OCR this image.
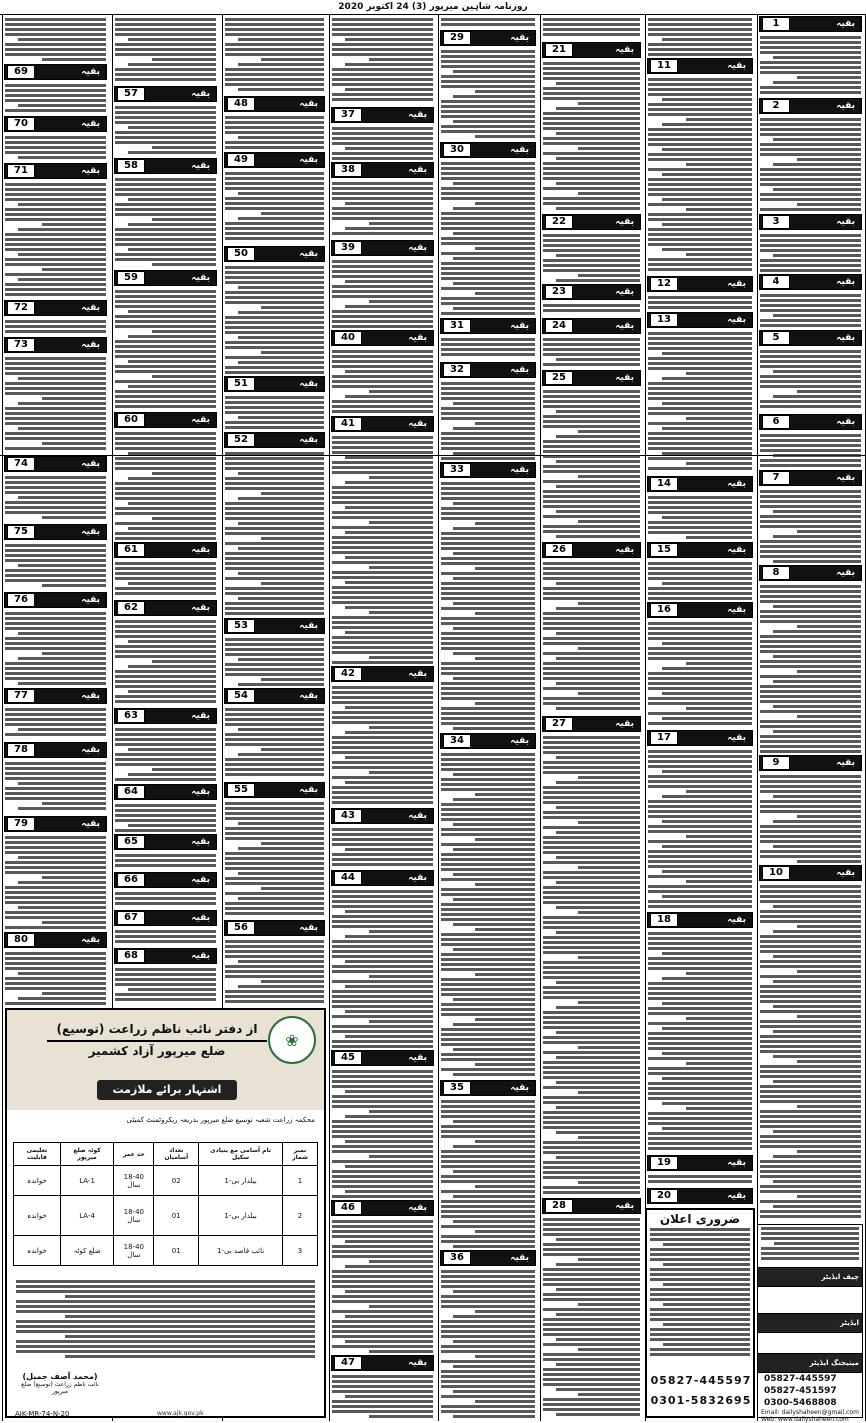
روزنامہ شاہین میرپور (3) 24 اکتوبر 2020
از دفتر نائب ناظم زراعت (توسیع) ضلع میرپور آزاد کشمیر
❀
اشتہار برائے ملازمت
محکمہ زراعت شعبہ توسیع ضلع میرپور بذریعہ ریکروٹمنٹ کمیٹی
تعلیمی قابلیت	کوٹہ ضلع میرپور	حد عمر	تعداد آسامیاں	نام آسامی مع بنیادی سکیل	نمبر شمار
خواندہ	LA-1	18-40 سال	02	بیلدار بی-1	1
خواندہ	LA-4	18-40 سال	01	بیلدار بی-1	2
خواندہ	ضلع کوٹہ	18-40 سال	01	نائب قاصد بی-1	3
(محمد آصف جمیل)
نائب ناظم زراعت (توسیع) ضلع میرپور
AJK-MR-74-N-20	www.ajk.gov.pk
ضروری اعلان
05827-445597
0301-5832695
چیف ایڈیٹر
ایڈیٹر
مینیجنگ ایڈیٹر
05827-445597
05827-451597
0300-5468808
Email: dailyshaheen@gmail.com
Web: www.dailyshaheen.com
1	بقیہ
2	بقیہ
3	بقیہ
4	بقیہ
5	بقیہ
6	بقیہ
7	بقیہ
8	بقیہ
9	بقیہ
10	بقیہ
11	بقیہ
12	بقیہ
13	بقیہ
14	بقیہ
15	بقیہ
16	بقیہ
17	بقیہ
18	بقیہ
19	بقیہ
20	بقیہ
21	بقیہ
22	بقیہ
23	بقیہ
24	بقیہ
25	بقیہ
26	بقیہ
27	بقیہ
28	بقیہ
29	بقیہ
30	بقیہ
31	بقیہ
32	بقیہ
33	بقیہ
34	بقیہ
35	بقیہ
36	بقیہ
37	بقیہ
38	بقیہ
39	بقیہ
40	بقیہ
41	بقیہ
42	بقیہ
43	بقیہ
44	بقیہ
45	بقیہ
46	بقیہ
47	بقیہ
48	بقیہ
49	بقیہ
50	بقیہ
51	بقیہ
52	بقیہ
53	بقیہ
54	بقیہ
55	بقیہ
56	بقیہ
57	بقیہ
58	بقیہ
59	بقیہ
60	بقیہ
61	بقیہ
62	بقیہ
63	بقیہ
64	بقیہ
65	بقیہ
66	بقیہ
67	بقیہ
68	بقیہ
69	بقیہ
70	بقیہ
71	بقیہ
72	بقیہ
73	بقیہ
74	بقیہ
75	بقیہ
76	بقیہ
77	بقیہ
78	بقیہ
79	بقیہ
80	بقیہ
